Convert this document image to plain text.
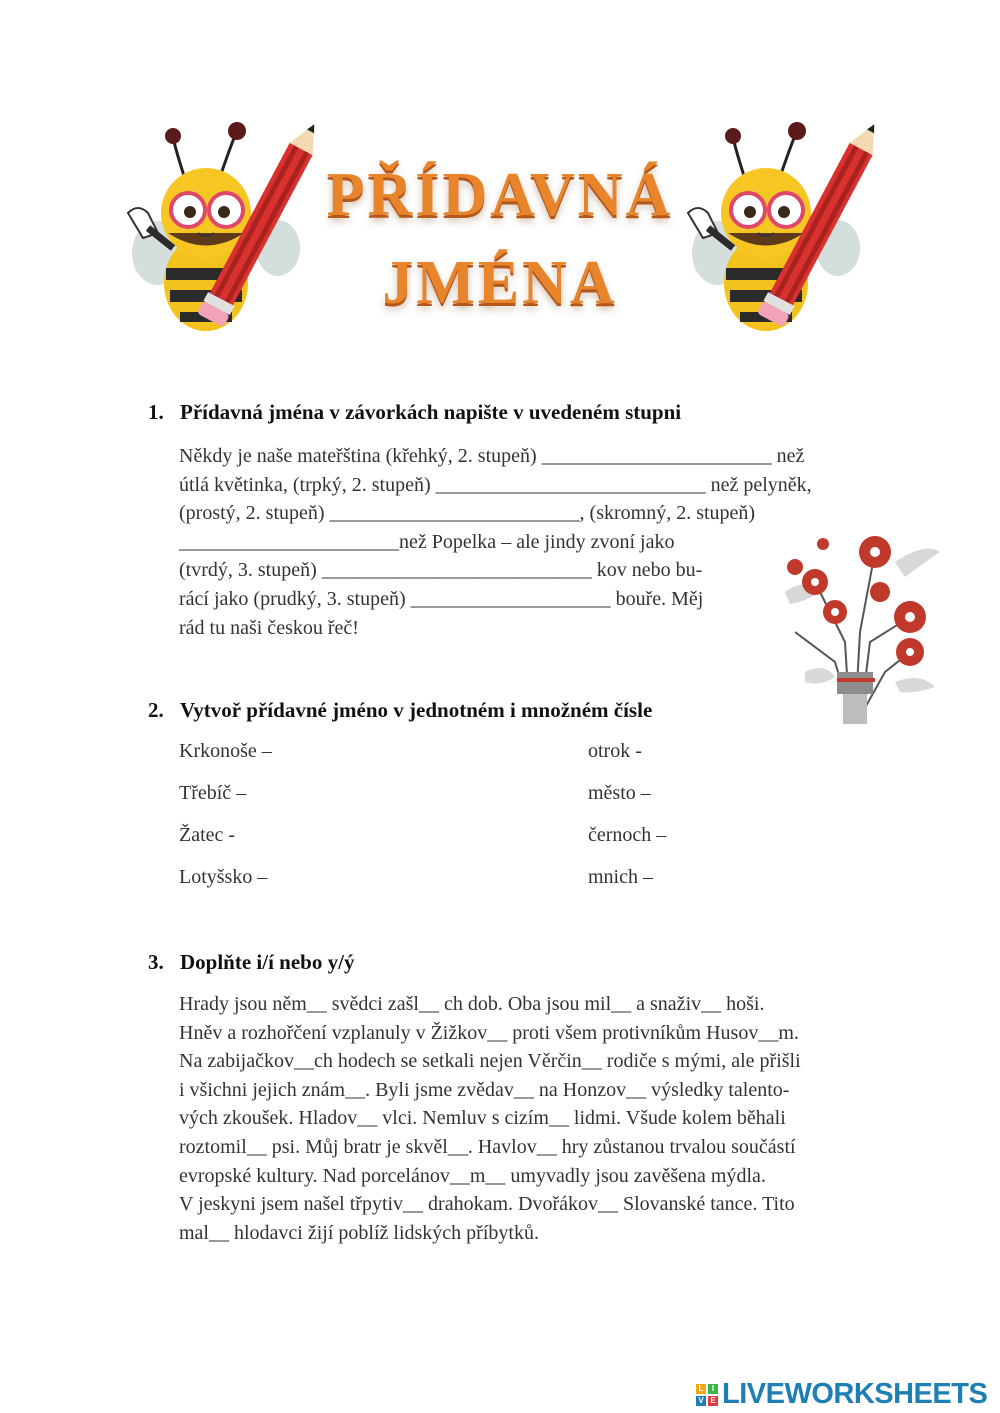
PŘÍDAVNÁ
JMÉNA
1. Přídavná jména v závorkách napište v uvedeném stupni
Někdy je naše mateřština (křehký, 2. stupeň) _______________________ než
útlá květinka, (trpký, 2. stupeň) ___________________________ než pelyněk,
(prostý, 2. stupeň) _________________________, (skromný, 2. stupeň)
______________________než Popelka – ale jindy zvoní jako
(tvrdý, 3. stupeň) ___________________________ kov nebo bu-
rácí jako (prudký, 3. stupeň) ____________________ bouře. Měj
rád tu naši českou řeč!
2. Vytvoř přídavné jméno v jednotném i množném čísle
Krkonoše –
Třebíč –
Žatec -
Lotyšsko –
otrok -
město –
černoch –
mnich –
3. Doplňte i/í nebo y/ý
Hrady jsou něm__ svědci zašl__ ch dob. Oba jsou mil__ a snaživ__ hoši.
Hněv a rozhořčení vzplanuly v Žižkov__ proti všem protivníkům Husov__m.
Na zabijačkov__ch hodech se setkali nejen Věrčin__ rodiče s mými, ale přišli
i všichni jejich znám__. Byli jsme zvědav__ na Honzov__ výsledky talento-
vých zkoušek. Hladov__ vlci. Nemluv s cizím__ lidmi. Všude kolem běhali
roztomil__ psi. Můj bratr je skvěl__. Havlov__ hry zůstanou trvalou součástí
evropské kultury. Nad porcelánov__m__ umyvadly jsou zavěšena mýdla.
V jeskyni jsem našel třpytiv__ drahokam. Dvořákov__ Slovanské tance. Tito
mal__ hlodavci žijí poblíž lidských příbytků.
L	I
V E LIVEWORKSHEETS
